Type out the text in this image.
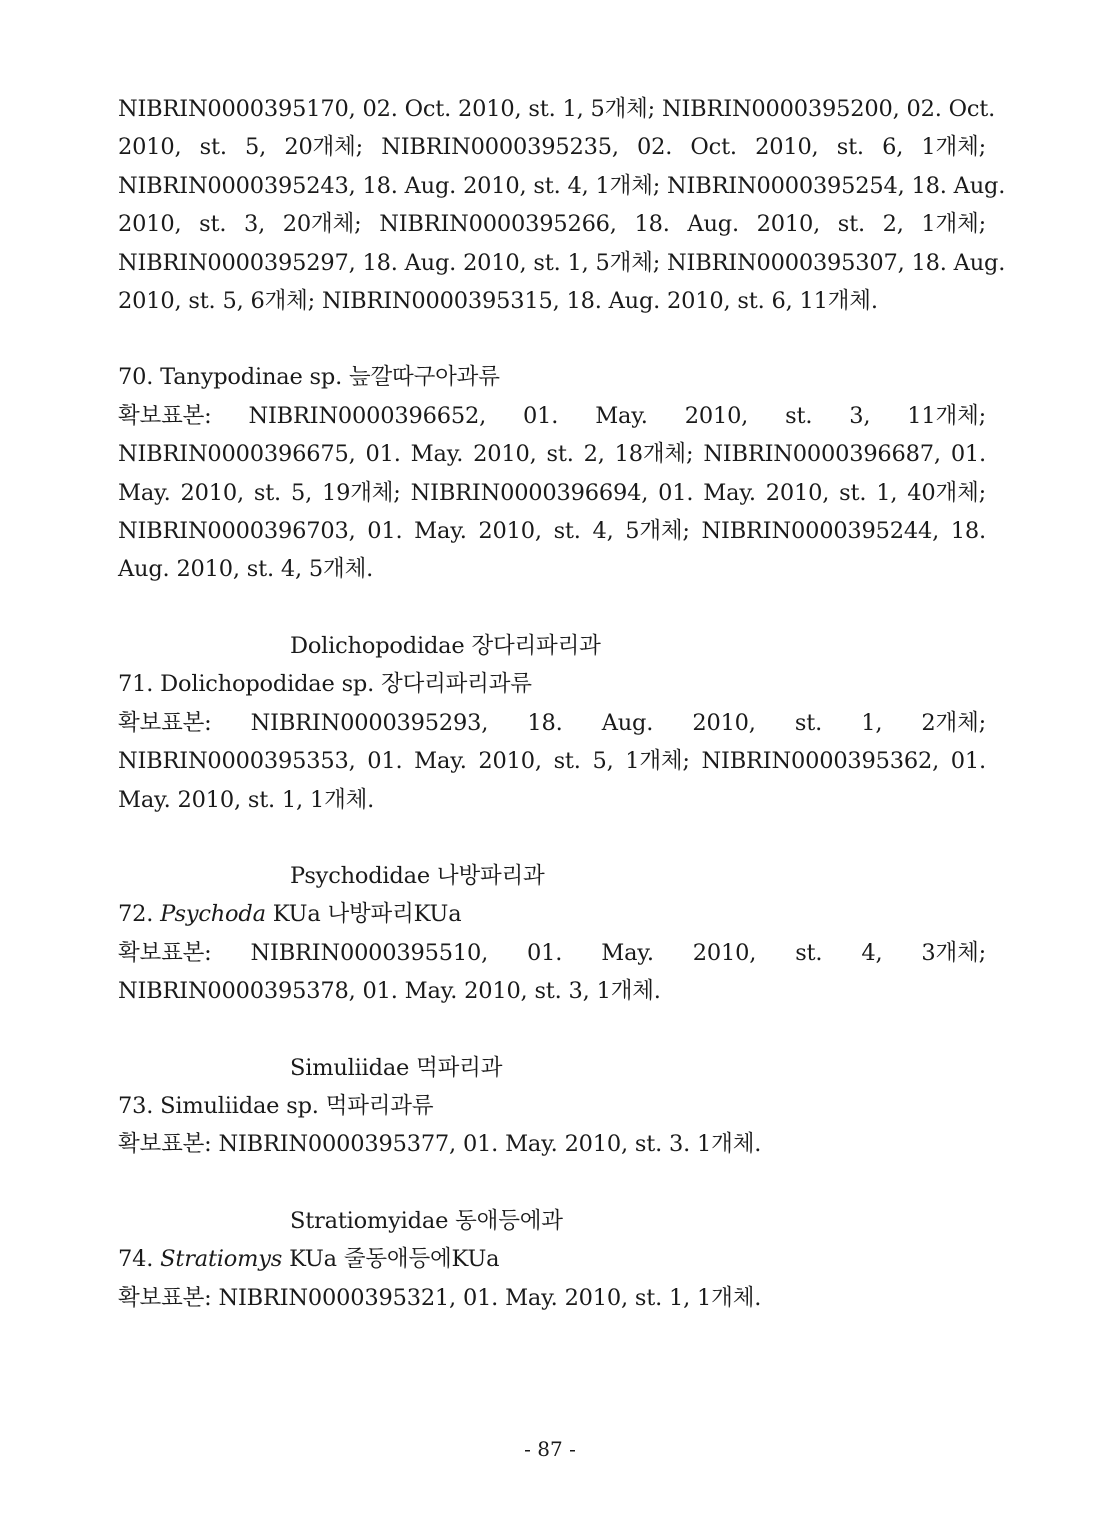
NIBRIN0000395170, 02. Oct. 2010, st. 1, 5개체; NIBRIN0000395200, 02. Oct.
2010, st. 5, 20개체; NIBRIN0000395235, 02. Oct. 2010, st. 6, 1개체;
NIBRIN0000395243, 18. Aug. 2010, st. 4, 1개체; NIBRIN0000395254, 18. Aug.
2010, st. 3, 20개체; NIBRIN0000395266, 18. Aug. 2010, st. 2, 1개체;
NIBRIN0000395297, 18. Aug. 2010, st. 1, 5개체; NIBRIN0000395307, 18. Aug.
2010, st. 5, 6개체; NIBRIN0000395315, 18. Aug. 2010, st. 6, 11개체.
70. Tanypodinae sp. 늪깔따구아과류
확보표본: NIBRIN0000396652, 01. May. 2010, st. 3, 11개체;
NIBRIN0000396675, 01. May. 2010, st. 2, 18개체; NIBRIN0000396687, 01.
May. 2010, st. 5, 19개체; NIBRIN0000396694, 01. May. 2010, st. 1, 40개체;
NIBRIN0000396703, 01. May. 2010, st. 4, 5개체; NIBRIN0000395244, 18.
Aug. 2010, st. 4, 5개체.
Dolichopodidae 장다리파리과
71. Dolichopodidae sp. 장다리파리과류
확보표본: NIBRIN0000395293, 18. Aug. 2010, st. 1, 2개체;
NIBRIN0000395353, 01. May. 2010, st. 5, 1개체; NIBRIN0000395362, 01.
May. 2010, st. 1, 1개체.
Psychodidae 나방파리과
72. Psychoda KUa 나방파리KUa
확보표본: NIBRIN0000395510, 01. May. 2010, st. 4, 3개체;
NIBRIN0000395378, 01. May. 2010, st. 3, 1개체.
Simuliidae 먹파리과
73. Simuliidae sp. 먹파리과류
확보표본: NIBRIN0000395377, 01. May. 2010, st. 3. 1개체.
Stratiomyidae 동애등에과
74. Stratiomys KUa 줄동애등에KUa
확보표본: NIBRIN0000395321, 01. May. 2010, st. 1, 1개체.
- 87 -
